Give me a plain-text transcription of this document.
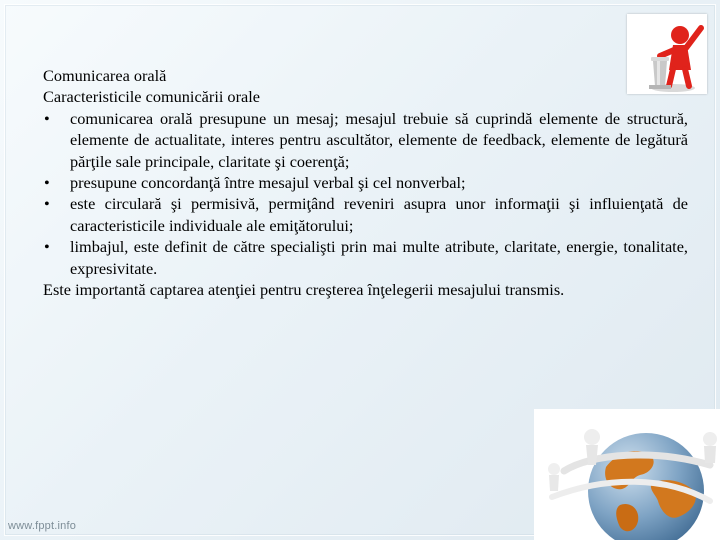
Comunicarea orală

Caracteristicile comunicării orale

• comunicarea orală presupune un mesaj; mesajul trebuie să cuprindă elemente de structură, elemente de actualitate, interes pentru ascultător, elemente de feedback, elemente de legătură părţile sale principale, claritate şi coerenţă;
• presupune concordanţă între mesajul verbal şi cel nonverbal;
• este circulară şi permisivă, permiţând reveniri asupra unor informaţii şi influienţată de caracteristicile individuale ale emiţătorului;
• limbajul, este definit de către specialişti prin mai multe atribute, claritate, energie, tonalitate, expresivitate.

Este importantă captarea atenţiei pentru creşterea înţelegerii mesajului transmis.

www.fppt.info
